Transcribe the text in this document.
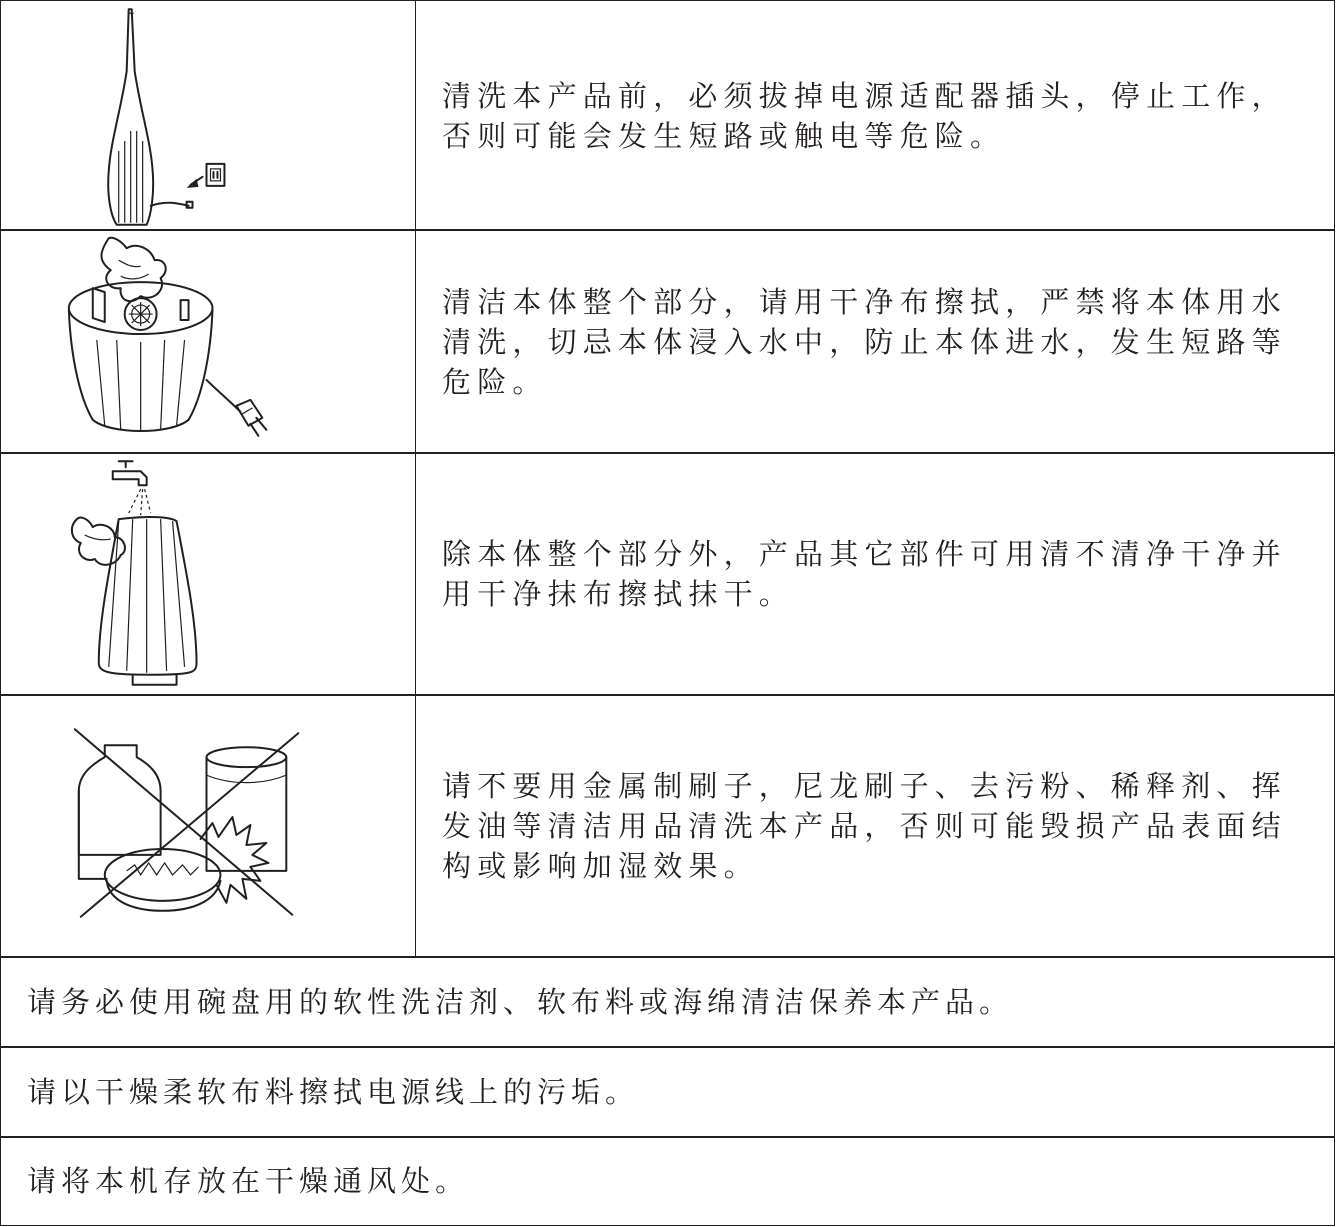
清洗本产品前，必须拔掉电源适配器插头，停止工作，否则可能会发生短路或触电等危险。

清洁本体整个部分，请用干净布擦拭，严禁将本体用水清洗，切忌本体浸入水中，防止本体进水，发生短路等危险。

除本体整个部分外，产品其它部件可用清不清净干净并用干净抹布擦拭抹干。

请不要用金属制刷子，尼龙刷子、去污粉、稀释剂、挥发油等清洁用品清洗本产品，否则可能毁损产品表面结构或影响加湿效果。

请务必使用碗盘用的软性洗洁剂、软布料或海绵清洁保养本产品。

请以干燥柔软布料擦拭电源线上的污垢。

请将本机存放在干燥通风处。
